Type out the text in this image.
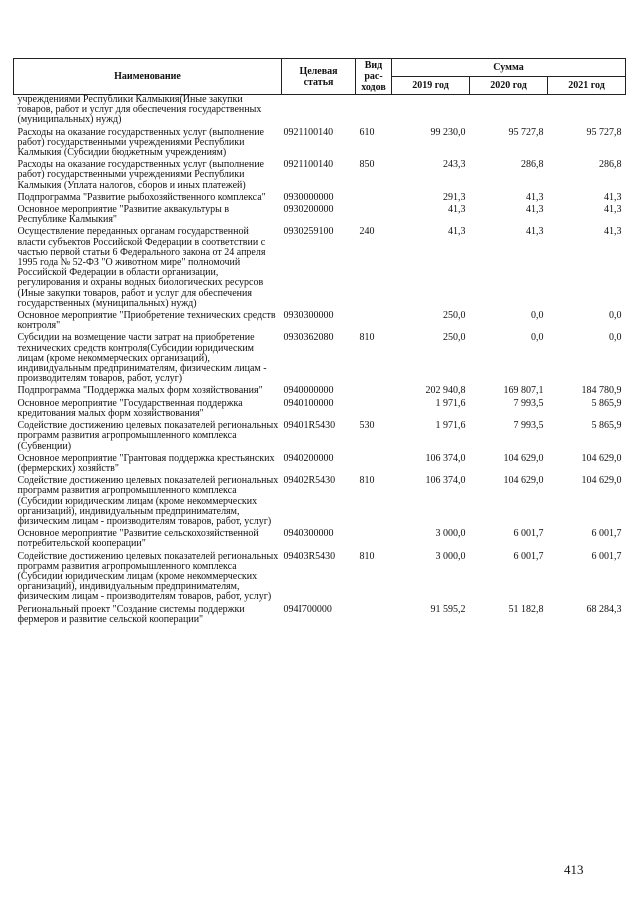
Наименование	Целевая статья	Вид рас-ходов	Сумма		
			2019 год	2020 год	2021 год
учреждениями Республики Калмыкия(Иные закупки товаров, работ и услуг для обеспечения государственных (муниципальных) нужд)					
Расходы на оказание государственных услуг (выполнение работ) государственными учреждениями Республики Калмыкия (Субсидии бюджетным учреждениям)	0921100140	610	99 230,0	95 727,8	95 727,8
Расходы на оказание государственных услуг (выполнение работ) государственными учреждениями Республики Калмыкия (Уплата налогов, сборов и иных платежей)	0921100140	850	243,3	286,8	286,8
Подпрограмма "Развитие рыбохозяйственного комплекса"	0930000000		291,3	41,3	41,3
Основное мероприятие "Развитие аквакультуры в Республике Калмыкия"	0930200000		41,3	41,3	41,3
Осуществление переданных органам государственной власти субъектов Российской Федерации в соответствии с частью первой статьи 6 Федерального закона от 24 апреля 1995 года № 52-ФЗ "О животном мире" полномочий Российской Федерации в области организации, регулирования и охраны водных биологических ресурсов (Иные закупки товаров, работ и услуг для обеспечения государственных (муниципальных) нужд)	0930259100	240	41,3	41,3	41,3
Основное мероприятие "Приобретение технических средств контроля"	0930300000		250,0	0,0	0,0
Субсидии на возмещение части затрат на приобретение технических средств контроля(Субсидии юридическим лицам (кроме некоммерческих организаций), индивидуальным предпринимателям, физическим лицам - производителям товаров, работ, услуг)	0930362080	810	250,0	0,0	0,0
Подпрограмма "Поддержка малых форм хозяйствования"	0940000000		202 940,8	169 807,1	184 780,9
Основное мероприятие "Государственная поддержка кредитования малых форм хозяйствования"	0940100000		1 971,6	7 993,5	5 865,9
Содействие достижению целевых показателей региональных программ развития агропромышленного комплекса (Субвенции)	09401R5430	530	1 971,6	7 993,5	5 865,9
Основное мероприятие "Грантовая поддержка крестьянских (фермерских) хозяйств"	0940200000		106 374,0	104 629,0	104 629,0
Содействие достижению целевых показателей региональных программ развития агропромышленного комплекса (Субсидии юридическим лицам (кроме некоммерческих организаций), индивидуальным предпринимателям, физическим лицам - производителям товаров, работ, услуг)	09402R5430	810	106 374,0	104 629,0	104 629,0
Основное мероприятие "Развитие сельскохозяйственной потребительской кооперации"	0940300000		3 000,0	6 001,7	6 001,7
Содействие достижению целевых показателей региональных программ развития агропромышленного комплекса (Субсидии юридическим лицам (кроме некоммерческих организаций), индивидуальным предпринимателям, физическим лицам - производителям товаров, работ, услуг)	09403R5430	810	3 000,0	6 001,7	6 001,7
Региональный проект "Создание системы поддержки фермеров и развитие сельской кооперации"	094I700000		91 595,2	51 182,8	68 284,3
413
